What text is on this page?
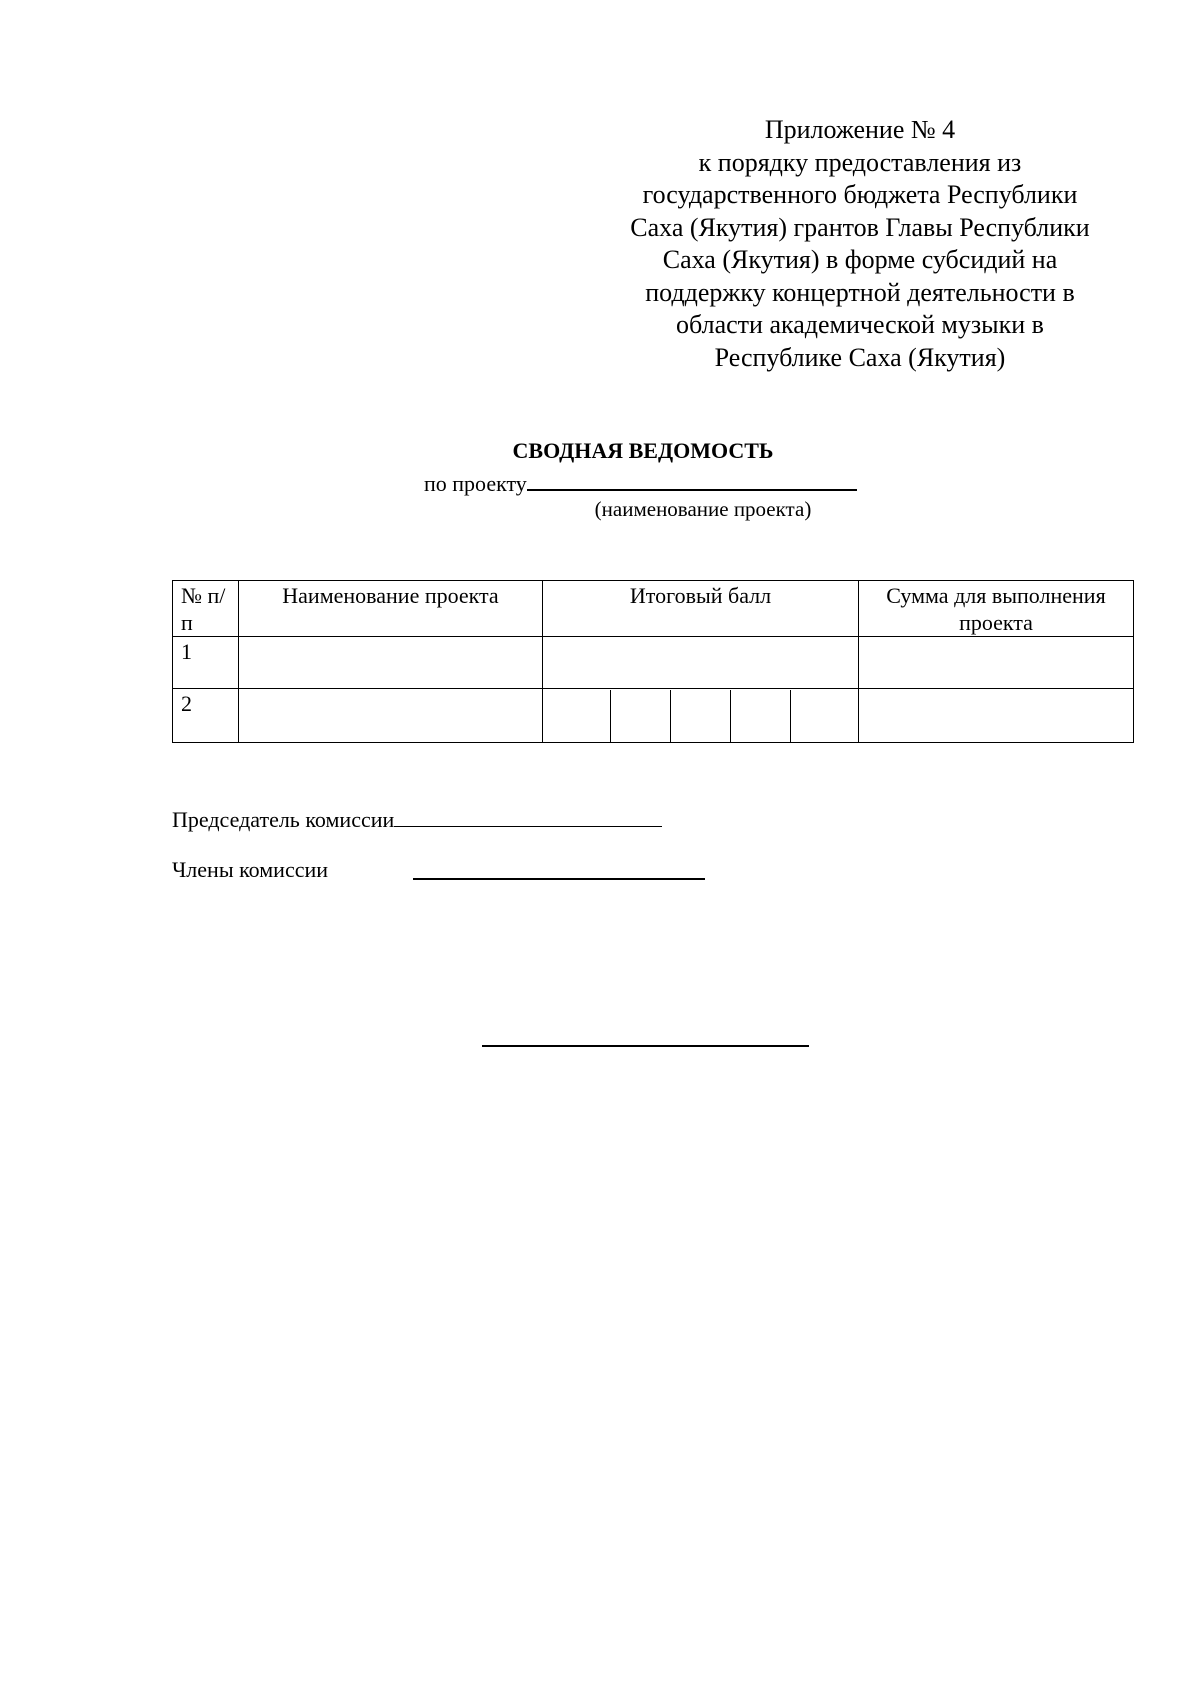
Приложение № 4
к порядку предоставления из
государственного бюджета Республики
Саха (Якутия) грантов Главы Республики
Саха (Якутия) в форме субсидий на
поддержку концертной деятельности в
области академической музыки в
Республике Саха (Якутия)
СВОДНАЯ ВЕДОМОСТЬ
по проекту
(наименование проекта)
№ п/п	Наименование проекта	Итоговый балл	Сумма для выполнения проекта
1			
2		

Председатель комиссии
Члены комиссии
